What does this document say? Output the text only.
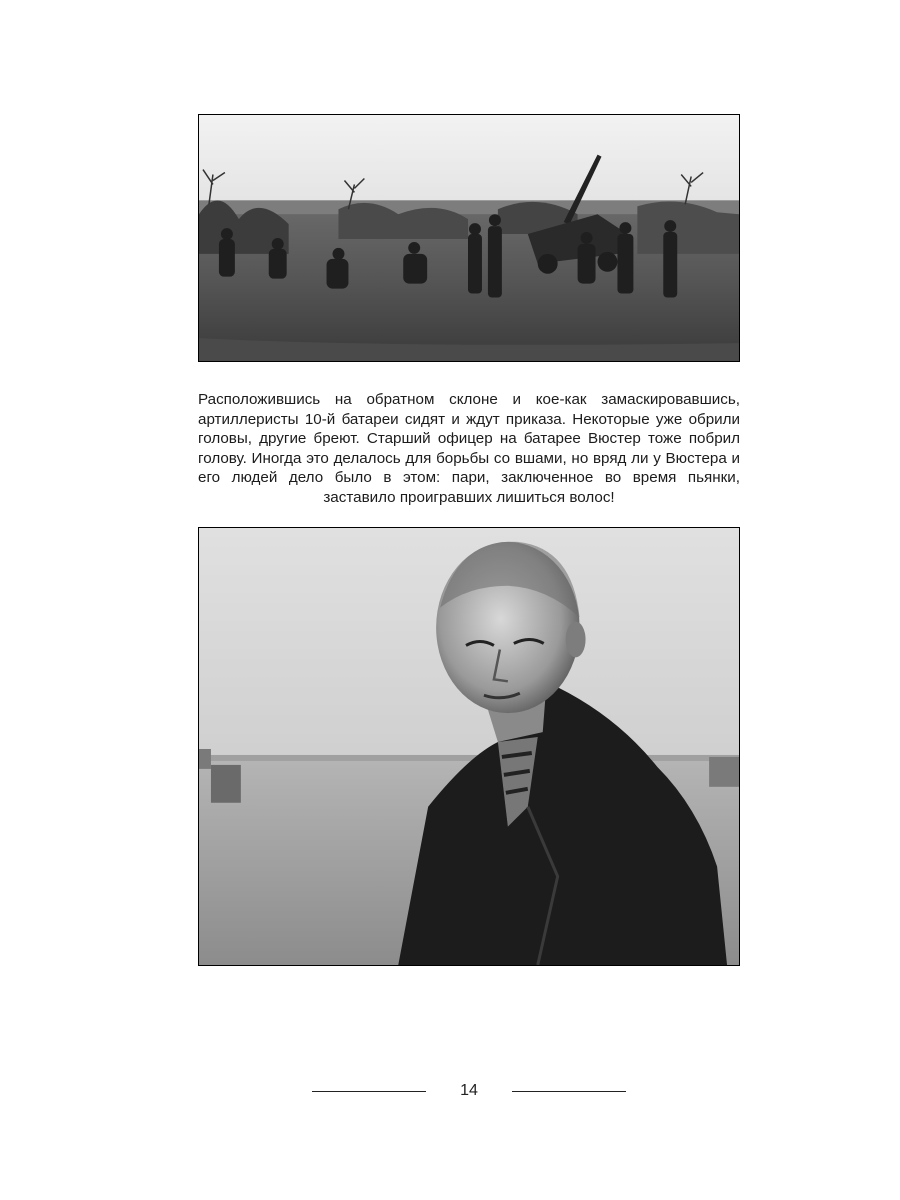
Расположившись на обратном склоне и кое-как замаскировавшись, артиллеристы 10-й батареи сидят и ждут приказа. Некоторые уже обрили головы, другие бреют. Старший офицер на батарее Вюстер тоже побрил голову. Иногда это делалось для борьбы со вшами, но вряд ли у Вюстера и его людей дело было в этом: пари, заключенное во время пьянки, заставило проигравших лишиться волос!
14
